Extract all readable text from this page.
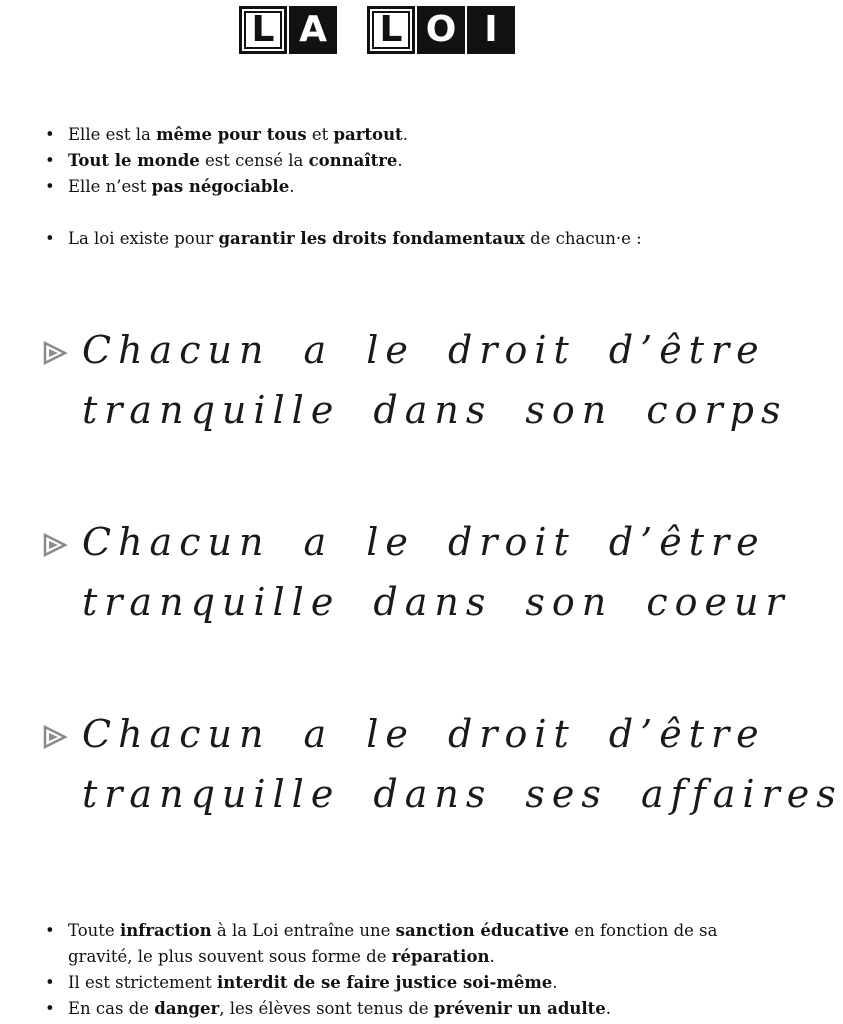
L A	L O I
• Elle est la même pour tous et partout.
• Tout le monde est censé la connaître.
• Elle n’est pas négociable.
• La loi existe pour garantir les droits fondamentaux de chacun·e :
Chacun a le droit d’être
tranquille dans son corps
Chacun a le droit d’être
tranquille dans son coeur
Chacun a le droit d’être
tranquille dans ses affaires
• Toute infraction à la Loi entraîne une sanction éducative en fonction de sa gravité, le plus souvent sous forme de réparation.
• Il est strictement interdit de se faire justice soi-même.
• En cas de danger, les élèves sont tenus de prévenir un adulte.
